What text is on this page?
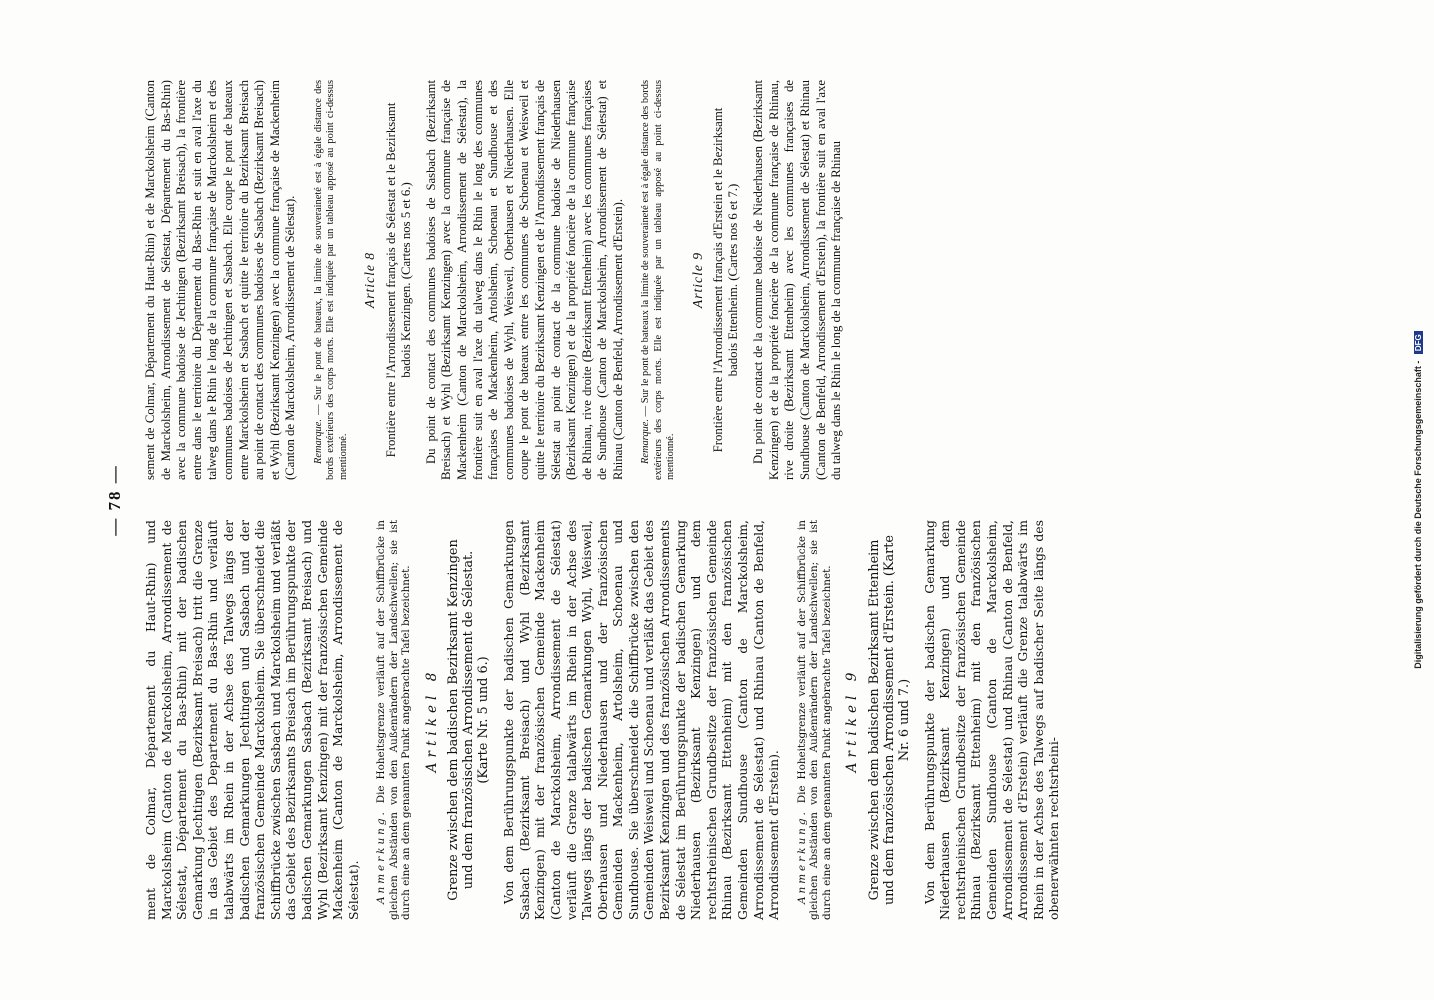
— 78 —

ment de Colmar, Département du Haut-Rhin) und Marckolsheim (Canton de Marckolsheim, Arrondissement de Sélestat, Département du Bas-Rhin) mit der badischen Gemarkung Jechtingen (Bezirksamt Breisach) tritt die Grenze in das Gebiet des Departement du Bas-Rhin und verläuft talabwärts im Rhein in der Achse des Talwegs längs der badischen Gemarkungen Jechtingen und Sasbach und der französischen Gemeinde Marckolsheim. Sie überschneidet die Schiffbrücke zwischen Sasbach und Marckolsheim und verläßt das Gebiet des Bezirksamts Breisach im Berührungspunkte der badischen Gemarkungen Sasbach (Bezirksamt Breisach) und Wyhl (Bezirksamt Kenzingen) mit der französischen Gemeinde Mackenheim (Canton de Marckolsheim, Arrondissement de Sélestat). Anmerkung. Die Hoheitsgrenze verläuft auf der Schiffbrücke in gleichen Abständen von den Außenrändern der Landschwellen; sie ist durch eine an dem genannten Punkt angebrachte Tafel bezeichnet. Artikel 8 Grenze zwischen dem badischen Bezirksamt Kenzingen und dem französischen Arrondissement de Sélestat. (Karte Nr. 5 und 6.) Von dem Berührungspunkte der badischen Gemarkungen Sasbach (Bezirksamt Breisach) und Wyhl (Bezirksamt Kenzingen) mit der französischen Gemeinde Mackenheim (Canton de Marckolsheim, Arrondissement de Sélestat) verläuft die Grenze talabwärts im Rhein in der Achse des Talwegs längs der badischen Gemarkungen Wyhl, Weisweil, Oberhausen und Niederhausen und der französischen Gemeinden Mackenheim, Artolsheim, Schoenau und Sundhouse. Sie überschneidet die Schiffbrücke zwischen den Gemeinden Weisweil und Schoenau und verläßt das Gebiet des Bezirksamt Kenzingen und des französischen Arrondissements de Sélestat im Berührungspunkte der badischen Gemarkung Niederhausen (Bezirksamt Kenzingen) und dem rechtsrheinischen Grundbesitze der französischen Gemeinde Rhinau (Bezirksamt Ettenheim) mit den französischen Gemeinden Sundhouse (Canton de Marckolsheim, Arrondissement de Sélestat) und Rhinau (Canton de Benfeld, Arrondissement d'Erstein). Anmerkung. Die Hoheitsgrenze verläuft auf der Schiffbrücke in gleichen Abständen von den Außenrändern der Landschwellen; sie ist durch eine an dem genannten Punkt angebrachte Tafel bezeichnet. Artikel 9 Grenze zwischen dem badischen Bezirksamt Ettenheim und dem französischen Arrondissement d'Erstein. (Karte Nr. 6 und 7.) Von dem Berührungspunkte der badischen Gemarkung Niederhausen (Bezirksamt Kenzingen) und dem rechtsrheinischen Grundbesitze der französischen Gemeinde Rhinau (Bezirksamt Ettenheim) mit den französischen Gemeinden Sundhouse (Canton de Marckolsheim, Arrondissement de Sélestat) und Rhinau (Canton de Benfeld, Arrondissement d'Erstein) verläuft die Grenze talabwärts im Rhein in der Achse des Talwegs auf badischer Seite längs des obenerwähnten rechtsrheini-

sement de Colmar, Département du Haut-Rhin) et de Marckolsheim (Canton de Marckolsheim, Arrondissement de Sélestat, Département du Bas-Rhin) avec la commune badoise de Jechtingen (Bezirksamt Breisach), la frontière entre dans le territoire du Département du Bas-Rhin et suit en aval l'axe du talweg dans le Rhin le long de la commune française de Marckolsheim et des communes badoises de Jechtingen et Sasbach. Elle coupe le pont de bateaux entre Marckolsheim et Sasbach et quitte le territoire du Bezirksamt Breisach au point de contact des communes badoises de Sasbach (Bezirksamt Breisach) et Wyhl (Bezirksamt Kenzingen) avec la commune française de Mackenheim (Canton de Marckolsheim, Arrondissement de Sélestat). Remarque. — Sur le pont de bateaux, la limite de souveraineté est à égale distance des bords extérieurs des corps morts. Elle est indiquée par un tableau apposé au point ci-dessus mentionné.
Article 8 Frontière entre l'Arrondissement français de Sélestat et le Bezirksamt badois Kenzingen. (Cartes nos 5 et 6.) Du point de contact des communes badoises de Sasbach (Bezirksamt Breisach) et Wyhl (Bezirksamt Kenzingen) avec la commune française de Mackenheim (Canton de Marckolsheim, Arrondissement de Sélestat), la frontière suit en aval l'axe du talweg dans le Rhin le long des communes françaises de Mackenheim, Artolsheim, Schoenau et Sundhouse et des communes badoises de Wyhl, Weisweil, Oberhausen et Niederhausen. Elle coupe le pont de bateaux entre les communes de Schoenau et Weisweil et quitte le territoire du Bezirksamt Kenzingen et de l'Arrondissement français de Sélestat au point de contact de la commune badoise de Niederhausen (Bezirksamt Kenzingen) et de la propriété foncière de la commune française de Rhinau, rive droite (Bezirksamt Ettenheim) avec les communes françaises de Sundhouse (Canton de Marckolsheim, Arrondissement de Sélestat) et Rhinau (Canton de Benfeld, Arrondissement d'Erstein). Remarque. — Sur le pont de bateaux la limite de souveraineté est à égale distance des bords extérieurs des corps morts. Elle est indiquée par un tableau apposé au point ci-dessus mentionné.
Article 9 Frontière entre l'Arrondissement français d'Erstein et le Bezirksamt badois Ettenheim. (Cartes nos 6 et 7.) Du point de contact de la commune badoise de Niederhausen (Bezirksamt Kenzingen) et de la propriété foncière de la commune française de Rhinau, rive droite (Bezirksamt Ettenheim) avec les communes françaises de Sundhouse (Canton de Marckolsheim, Arrondissement de Sélestat) et Rhinau (Canton de Benfeld, Arrondissement d'Erstein), la frontière suit en aval l'axe du talweg dans le Rhin le long de la commune française de Rhinau

Digitalisierung gefördert durch die Deutsche Forschungsgemeinschaft - DFG
